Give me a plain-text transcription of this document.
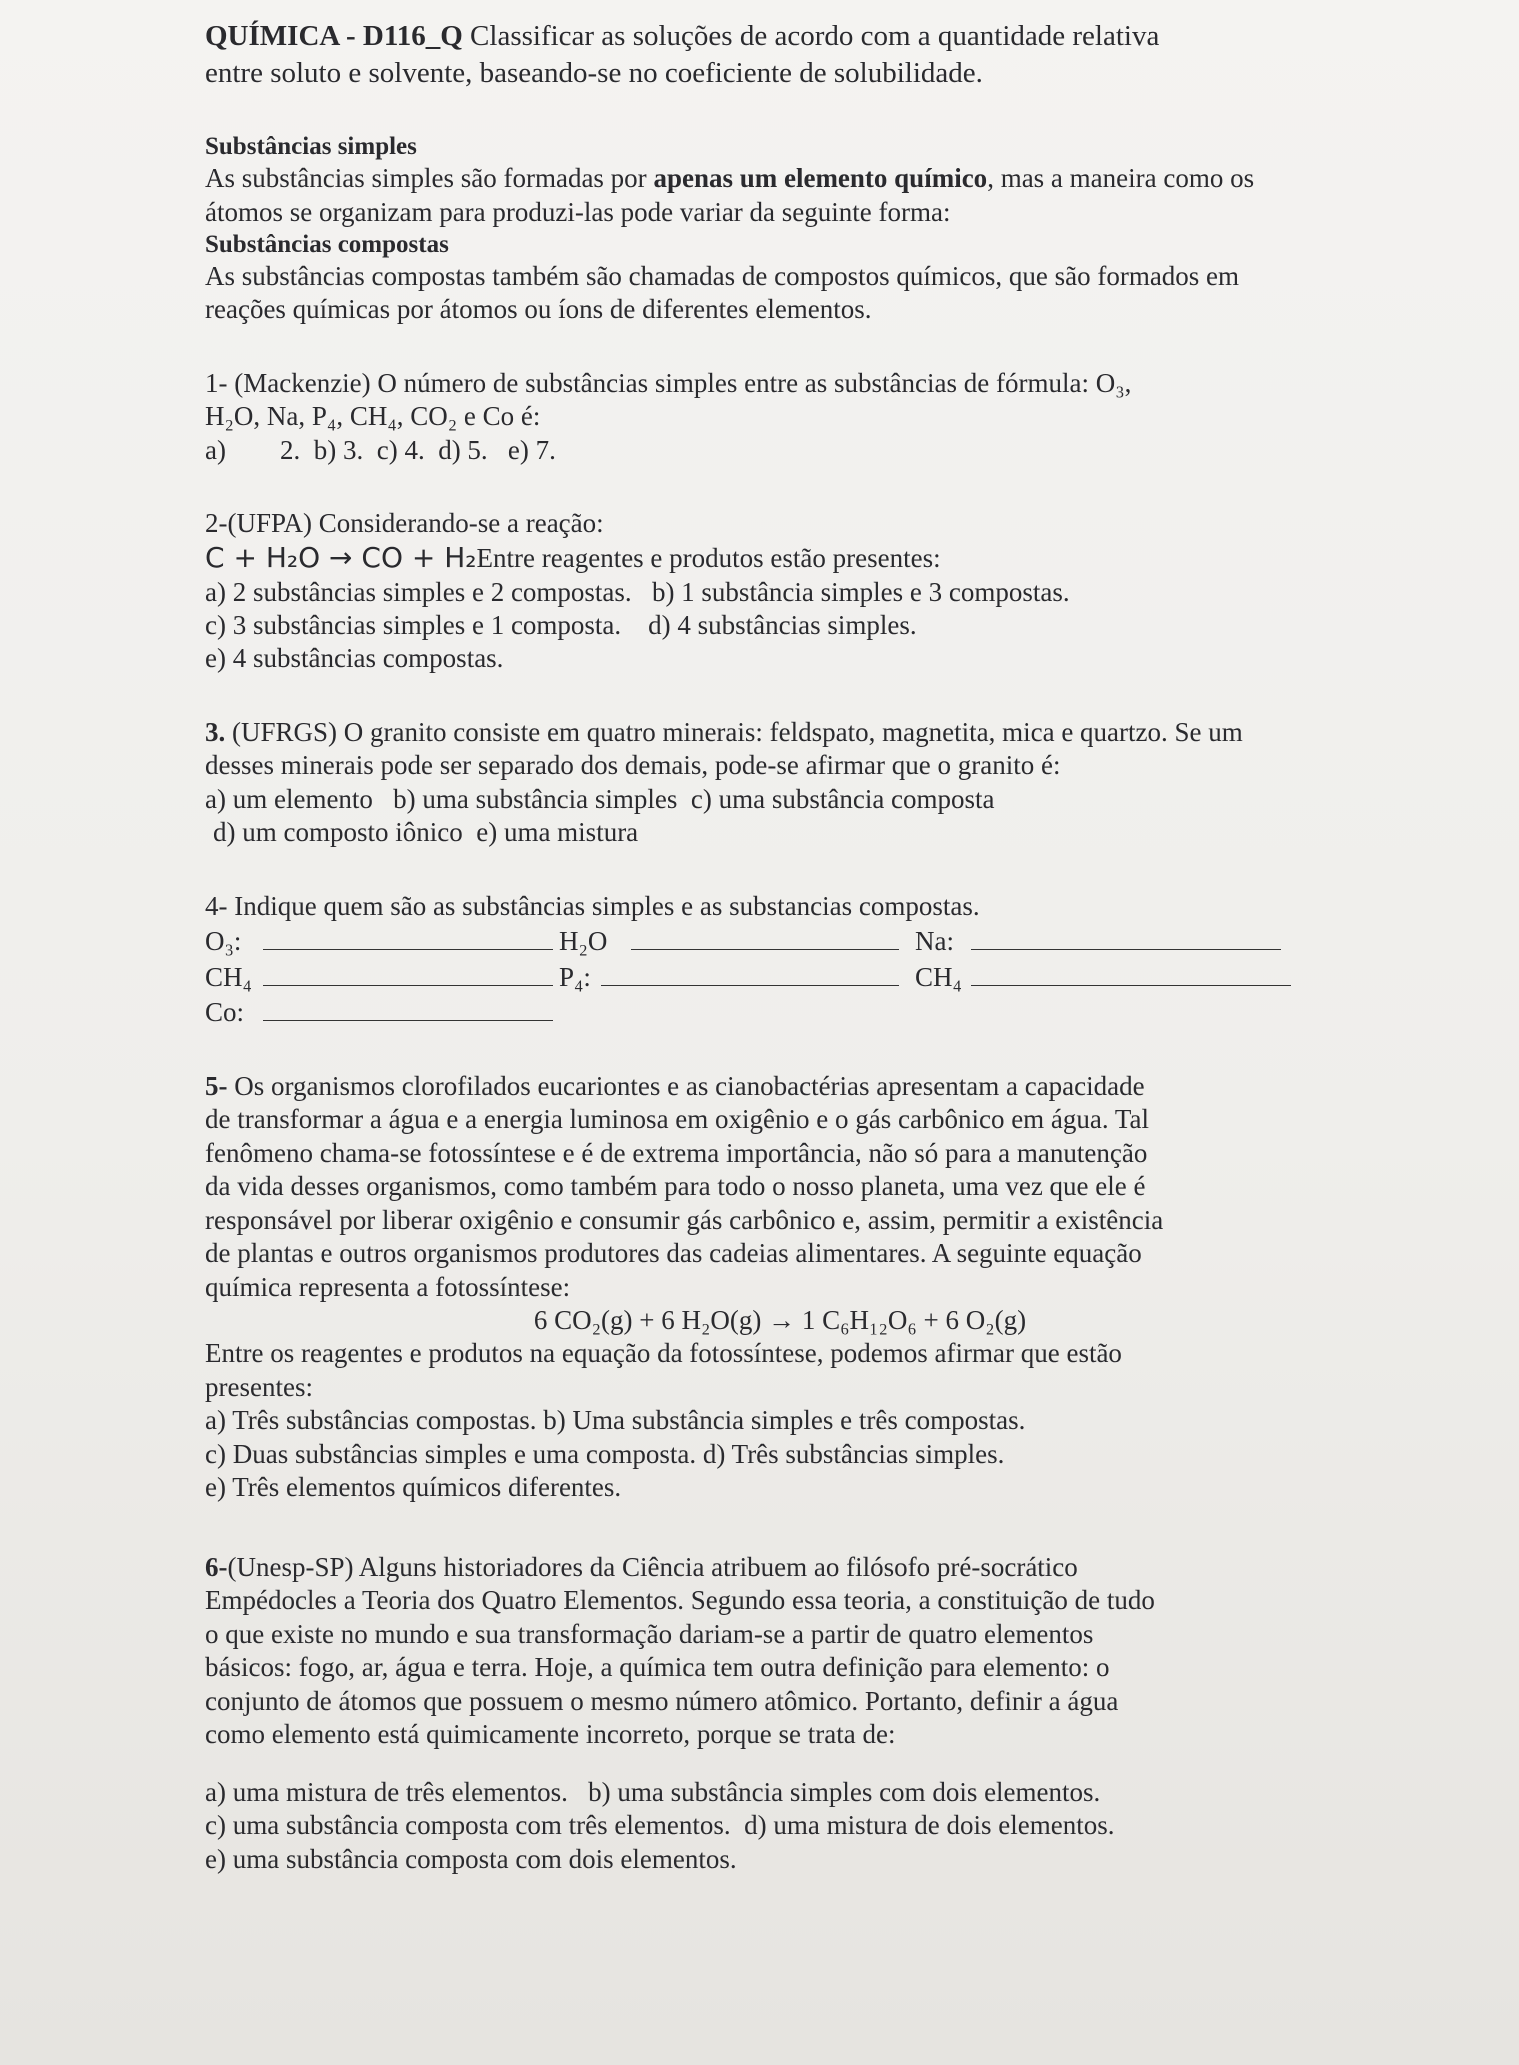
QUÍMICA - D116_Q Classificar as soluções de acordo com a quantidade relativa

entre soluto e solvente, baseando-se no coeficiente de solubilidade.

Substâncias simples

As substâncias simples são formadas por apenas um elemento químico, mas a maneira como os

átomos se organizam para produzi-las pode variar da seguinte forma:

Substâncias compostas

As substâncias compostas também são chamadas de compostos químicos, que são formados em

reações químicas por átomos ou íons de diferentes elementos.

1- (Mackenzie) O número de substâncias simples entre as substâncias de fórmula: O₃,

H₂O, Na, P₄, CH₄, CO₂ e Co é:

a)        2.  b) 3.  c) 4.  d) 5.   e) 7.

2-(UFPA) Considerando-se a reação:

C + H₂O → CO + H₂Entre reagentes e produtos estão presentes:

a) 2 substâncias simples e 2 compostas. b) 1 substância simples e 3 compostas.

c) 3 substâncias simples e 1 composta. d) 4 substâncias simples.

e) 4 substâncias compostas.

3. (UFRGS) O granito consiste em quatro minerais: feldspato, magnetita, mica e quartzo. Se um

desses minerais pode ser separado dos demais, pode-se afirmar que o granito é:

a) um elemento   b) uma substância simples  c) uma substância composta

d) um composto iônico  e) uma mistura

4- Indique quem são as substâncias simples e as substancias compostas.

O₃:	H₂O	Na:
CH₄	P₄:	CH₄
Co:

5- Os organismos clorofilados eucariontes e as cianobactérias apresentam a capacidade

de transformar a água e a energia luminosa em oxigênio e o gás carbônico em água. Tal

fenômeno chama-se fotossíntese e é de extrema importância, não só para a manutenção

da vida desses organismos, como também para todo o nosso planeta, uma vez que ele é

responsável por liberar oxigênio e consumir gás carbônico e, assim, permitir a existência

de plantas e outros organismos produtores das cadeias alimentares. A seguinte equação

química representa a fotossíntese:

6 CO₂(g) + 6 H₂O(g) → 1 C₆H₁₂O₆ + 6 O₂(g)

Entre os reagentes e produtos na equação da fotossíntese, podemos afirmar que estão

presentes:

a) Três substâncias compostas. b) Uma substância simples e três compostas.

c) Duas substâncias simples e uma composta. d) Três substâncias simples.

e) Três elementos químicos diferentes.

6-(Unesp-SP) Alguns historiadores da Ciência atribuem ao filósofo pré-socrático

Empédocles a Teoria dos Quatro Elementos. Segundo essa teoria, a constituição de tudo

o que existe no mundo e sua transformação dariam-se a partir de quatro elementos

básicos: fogo, ar, água e terra. Hoje, a química tem outra definição para elemento: o

conjunto de átomos que possuem o mesmo número atômico. Portanto, definir a água

como elemento está quimicamente incorreto, porque se trata de:

a) uma mistura de três elementos.   b) uma substância simples com dois elementos.

c) uma substância composta com três elementos.  d) uma mistura de dois elementos.

e) uma substância composta com dois elementos.
